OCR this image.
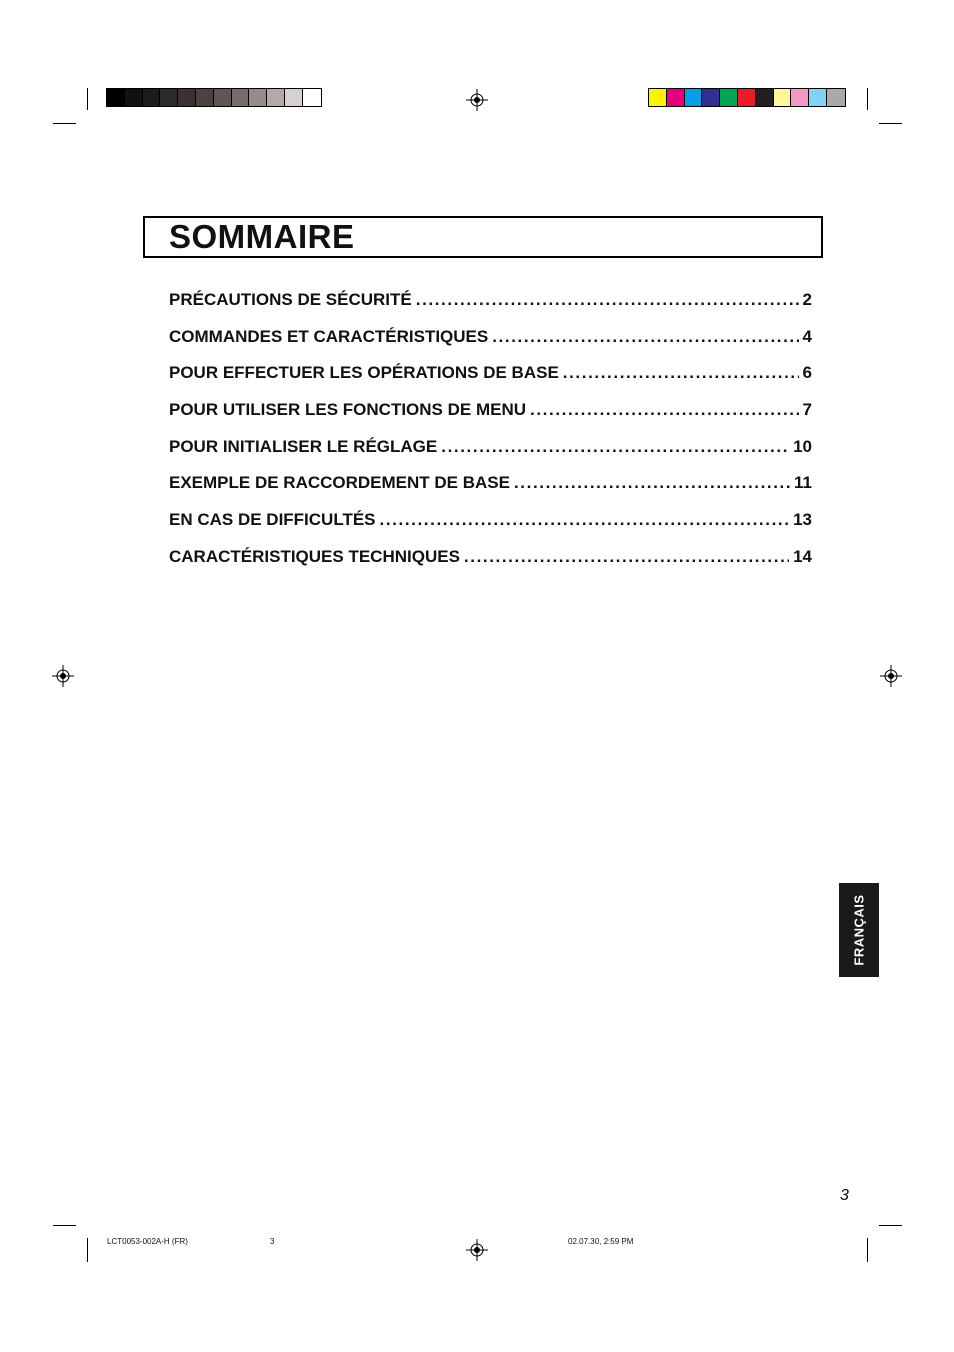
SOMMAIRE
PRÉCAUTIONS DE SÉCURITÉ .....	2
COMMANDES ET CARACTÉRISTIQUES .....	4
POUR EFFECTUER LES OPÉRATIONS DE BASE .....	6
POUR UTILISER LES FONCTIONS DE MENU .....	7
POUR INITIALISER LE RÉGLAGE .....	10
EXEMPLE DE RACCORDEMENT DE BASE .....	11
EN CAS DE DIFFICULTÉS .....	13
CARACTÉRISTIQUES TECHNIQUES .....	14
FRANÇAIS
3
LCT0053-002A-H (FR)	3	02.07.30, 2:59 PM
